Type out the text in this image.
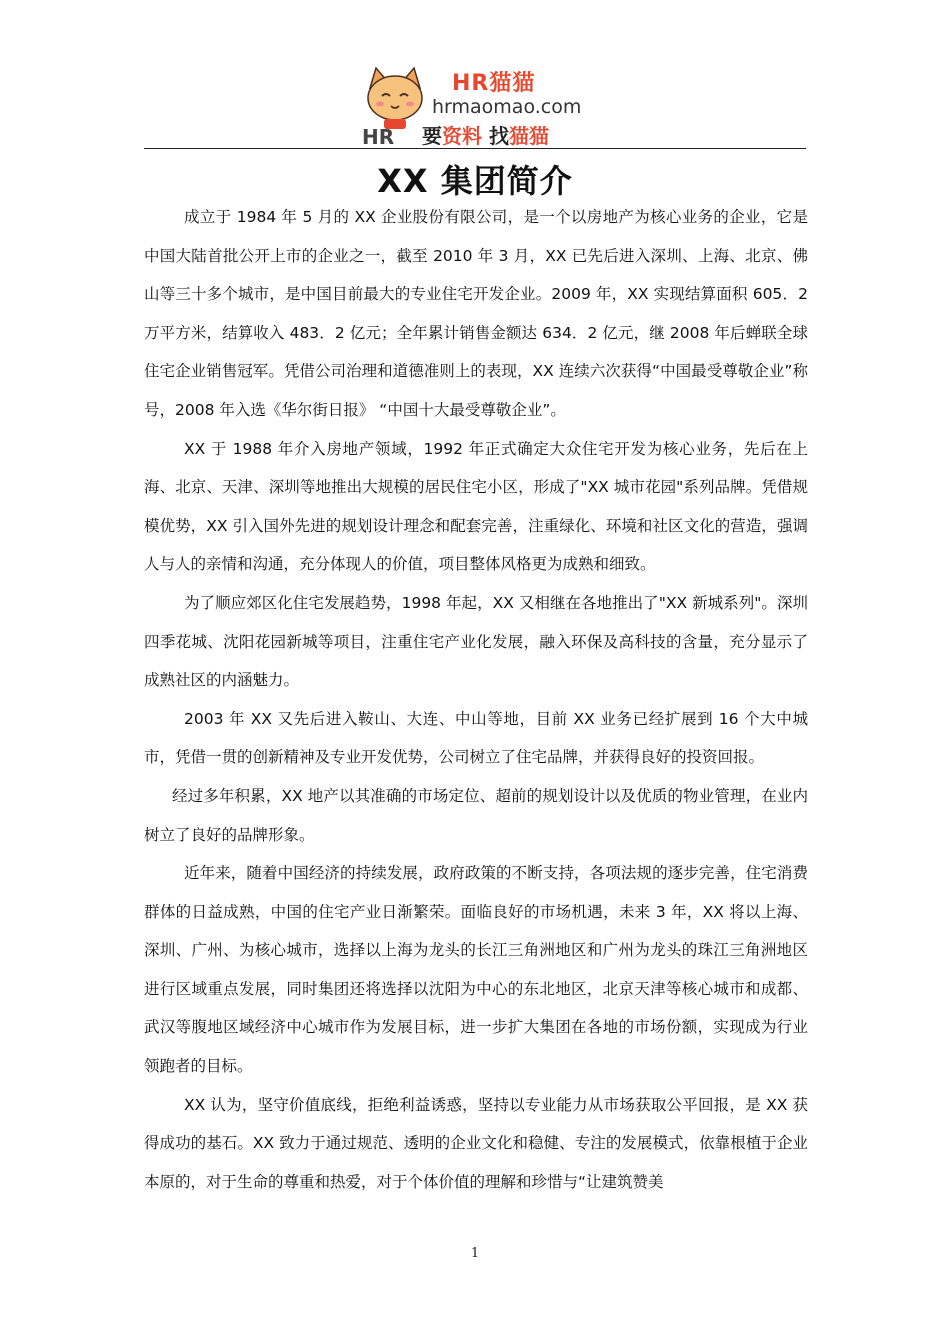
HR
HR猫猫
hrmaomao.com
要资料 找猫猫
XX 集团简介

成立于 1984 年 5 月的 XX 企业股份有限公司，是一个以房地产为核心业务的企业，它是中国大陆首批公开上市的企业之一，截至 2010 年 3 月，XX 已先后进入深圳、上海、北京、佛山等三十多个城市，是中国目前最大的专业住宅开发企业。2009 年，XX 实现结算面积 605．2 万平方米，结算收入 483．2 亿元；全年累计销售金额达 634．2 亿元，继 2008 年后蝉联全球住宅企业销售冠军。凭借公司治理和道德准则上的表现，XX 连续六次获得“中国最受尊敬企业”称号，2008 年入选《华尔街日报》 “中国十大最受尊敬企业”。

XX 于 1988 年介入房地产领域，1992 年正式确定大众住宅开发为核心业务，先后在上海、北京、天津、深圳等地推出大规模的居民住宅小区，形成了"XX 城市花园"系列品牌。凭借规模优势，XX 引入国外先进的规划设计理念和配套完善，注重绿化、环境和社区文化的营造，强调人与人的亲情和沟通，充分体现人的价值，项目整体风格更为成熟和细致。

为了顺应郊区化住宅发展趋势，1998 年起，XX 又相继在各地推出了"XX 新城系列"。深圳四季花城、沈阳花园新城等项目，注重住宅产业化发展，融入环保及高科技的含量，充分显示了成熟社区的内涵魅力。

2003 年 XX 又先后进入鞍山、大连、中山等地，目前 XX 业务已经扩展到 16 个大中城市，凭借一贯的创新精神及专业开发优势，公司树立了住宅品牌，并获得良好的投资回报。

经过多年积累，XX 地产以其准确的市场定位、超前的规划设计以及优质的物业管理，在业内树立了良好的品牌形象。

近年来，随着中国经济的持续发展，政府政策的不断支持，各项法规的逐步完善，住宅消费群体的日益成熟，中国的住宅产业日渐繁荣。面临良好的市场机遇，未来 3 年，XX 将以上海、深圳、广州、为核心城市，选择以上海为龙头的长江三角洲地区和广州为龙头的珠江三角洲地区进行区域重点发展，同时集团还将选择以沈阳为中心的东北地区，北京天津等核心城市和成都、武汉等腹地区域经济中心城市作为发展目标，进一步扩大集团在各地的市场份额，实现成为行业领跑者的目标。

XX 认为，坚守价值底线，拒绝利益诱惑，坚持以专业能力从市场获取公平回报，是 XX 获得成功的基石。XX 致力于通过规范、透明的企业文化和稳健、专注的发展模式，依靠根植于企业本原的，对于生命的尊重和热爱，对于个体价值的理解和珍惜与“让建筑赞美

1
